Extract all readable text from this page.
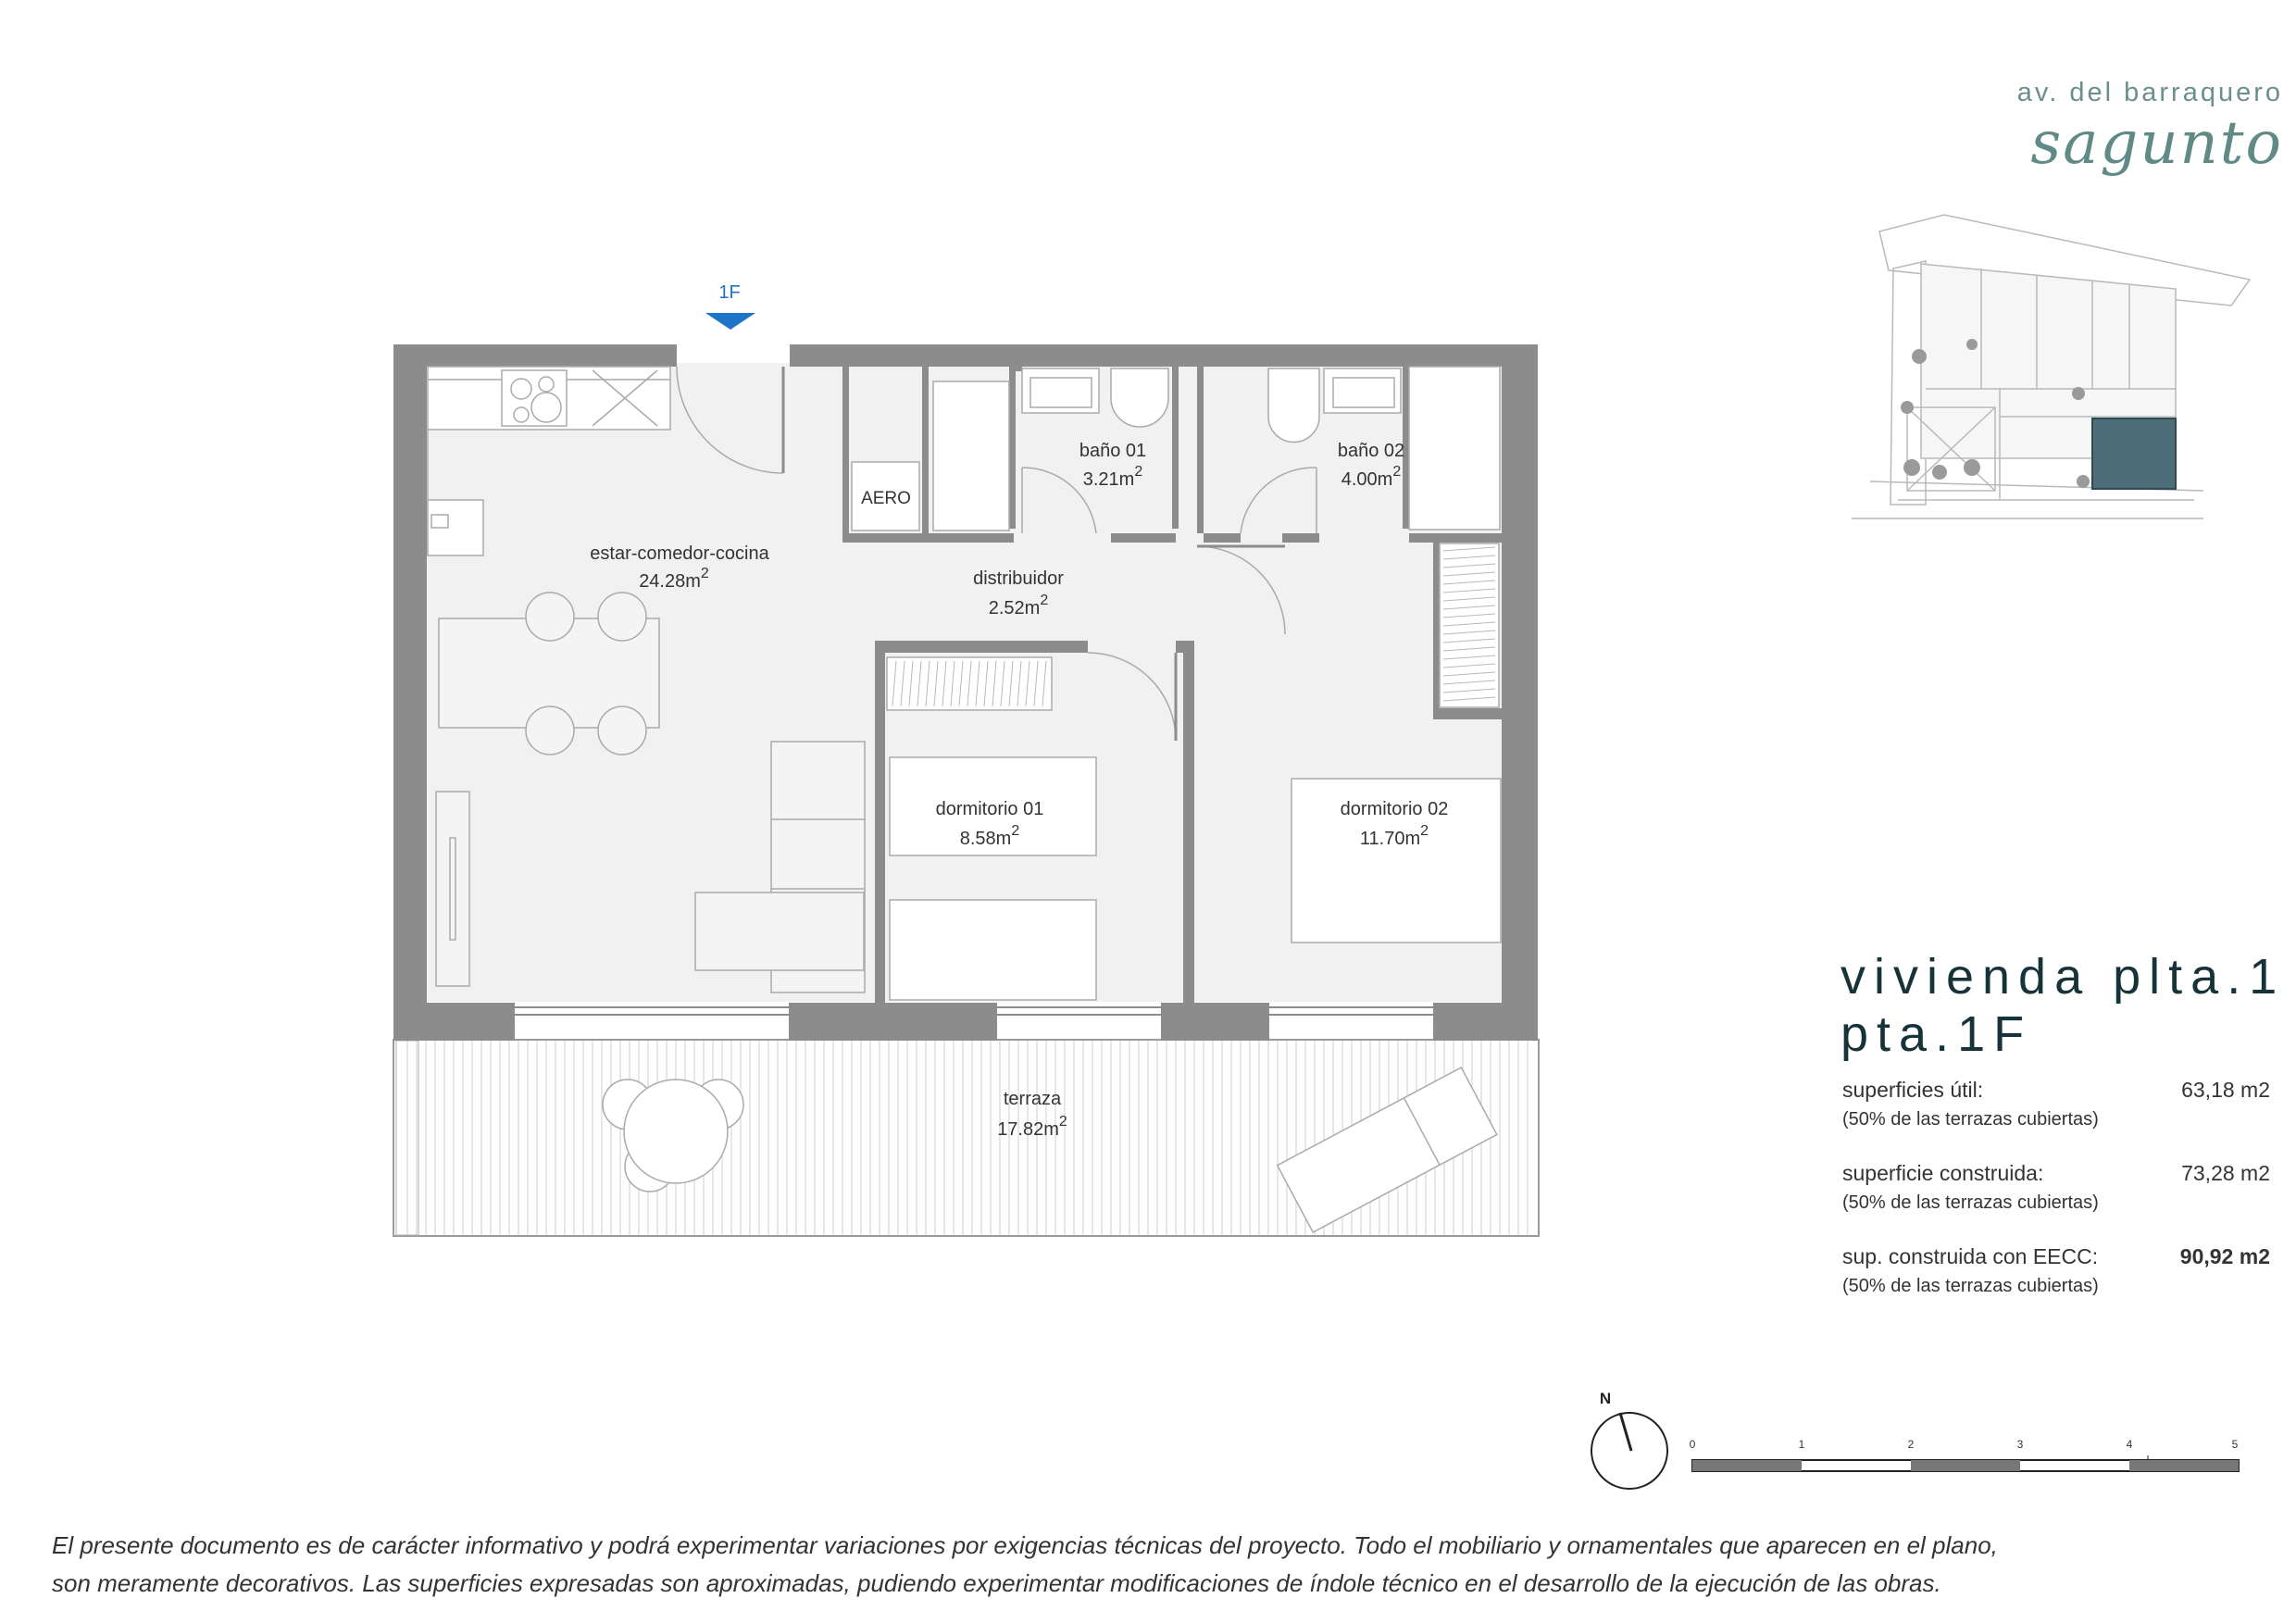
av. del barraquero
sagunto
1F
AERO
estar-comedor-cocina
$24.28m^2$
baño 01
$3.21m^2$
baño 02
$4.00m^2$
distribuidor
$2.52m^2$
dormitorio 01
$8.58m^2$
dormitorio 02
$11.70m^2$
terraza
$17.82m^2$
N
0	1	2	3	4	5
vivienda plta.1
pta.1F
superficies útil:	63,18 m2
(50% de las terrazas cubiertas)
superficie construida:	73,28 m2
(50% de las terrazas cubiertas)
sup. construida con EECC:	90,92 m2
(50% de las terrazas cubiertas)
El presente documento es de carácter informativo y podrá experimentar variaciones por exigencias técnicas del proyecto. Todo el mobiliario y ornamentales que aparecen en el plano,
son meramente decorativos. Las superficies expresadas son aproximadas, pudiendo experimentar modificaciones de índole técnico en el desarrollo de la ejecución de las obras.
